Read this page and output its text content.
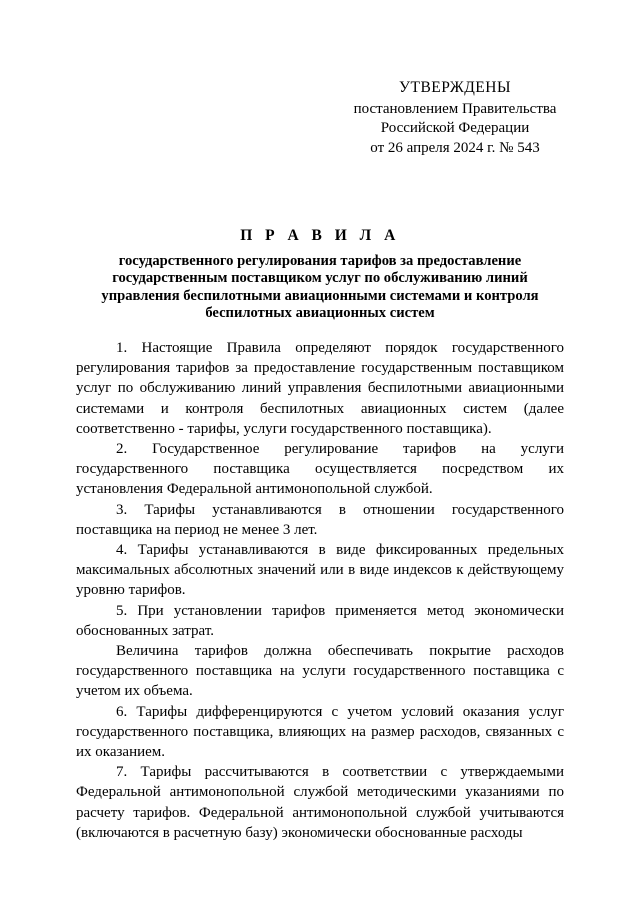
УТВЕРЖДЕНЫ
постановлением Правительства
Российской Федерации
от 26 апреля 2024 г. № 543
П Р А В И Л А
государственного регулирования тарифов за предоставление государственным поставщиком услуг по обслуживанию линий управления беспилотными авиационными системами и контроля беспилотных авиационных систем

1. Настоящие Правила определяют порядок государственного регулирования тарифов за предоставление государственным поставщиком услуг по обслуживанию линий управления беспилотными авиационными системами и контроля беспилотных авиационных систем (далее соответственно - тарифы, услуги государственного поставщика).

2. Государственное регулирование тарифов на услуги государственного поставщика осуществляется посредством их установления Федеральной антимонопольной службой.

3. Тарифы устанавливаются в отношении государственного поставщика на период не менее 3 лет.

4. Тарифы устанавливаются в виде фиксированных предельных максимальных абсолютных значений или в виде индексов к действующему уровню тарифов.

5. При установлении тарифов применяется метод экономически обоснованных затрат.

Величина тарифов должна обеспечивать покрытие расходов государственного поставщика на услуги государственного поставщика с учетом их объема.

6. Тарифы дифференцируются с учетом условий оказания услуг государственного поставщика, влияющих на размер расходов, связанных с их оказанием.

7. Тарифы рассчитываются в соответствии с утверждаемыми Федеральной антимонопольной службой методическими указаниями по расчету тарифов. Федеральной антимонопольной службой учитываются (включаются в расчетную базу) экономически обоснованные расходы
